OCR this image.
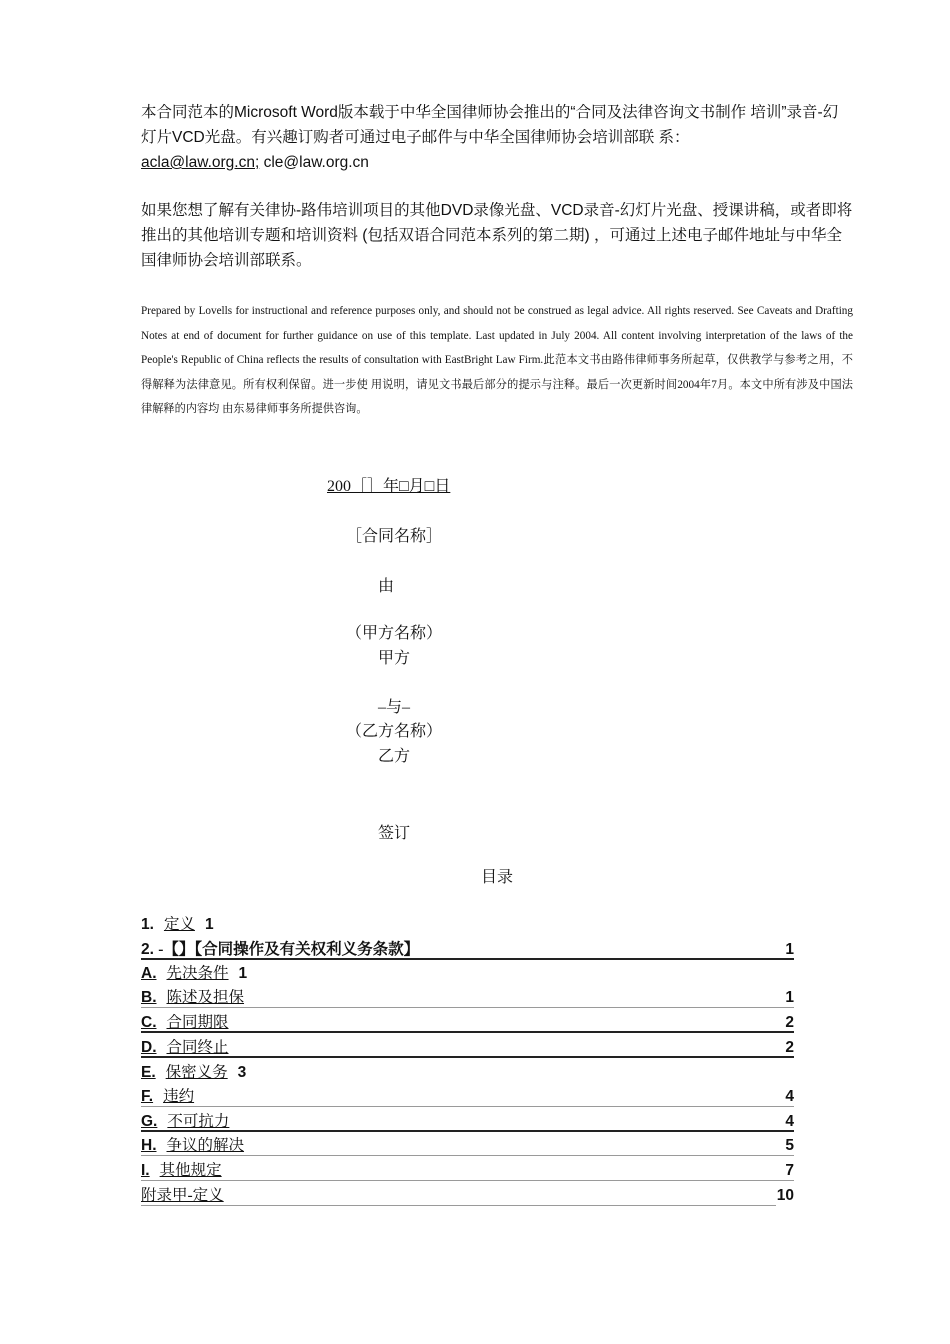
本合同范本的Microsoft Word版本载于中华全国律师协会推出的“合同及法律咨询文书制作 培训”录音-幻灯片VCD光盘。有兴趣订购者可通过电子邮件与中华全国律师协会培训部联 系：
acla@law.org.cn; cle@law.org.cn
如果您想了解有关律协-路伟培训项目的其他DVD录像光盘、VCD录音-幻灯片光盘、授课讲稿，或者即将推出的其他培训专题和培训资料 (包括双语合同范本系列的第二期) ，可通过上述电子邮件地址与中华全国律师协会培训部联系。
Prepared by Lovells for instructional and reference purposes only, and should not be construed as legal advice. All rights reserved. See Caveats and Drafting Notes at end of document for further guidance on use of this template. Last updated in July 2004. All content involving interpretation of the laws of the People's Republic of China reflects the results of consultation with EastBright Law Firm.此范本文书由路伟律师事务所起草，仅供教学与参考之用，不得解释为法律意见。所有权利保留。进一步使 用说明，请见文书最后部分的提示与注释。最后一次更新时间2004年7月。本文中所有涉及中国法律解释的内容均 由东易律师事务所提供咨询。
200［］年□月□日
［合同名称］
由
（甲方名称）
甲方
–与–
（乙方名称）
乙方
签订
目录
1. 定义 1
2. -【】【合同操作及有关权利义务条款】	1
A. 先决条件 1
B. 陈述及担保	1
C. 合同期限	2
D. 合同终止	2
E. 保密义务 3
F. 违约	4
G. 不可抗力	4
H. 争议的解决	5
I. 其他规定	7
附录甲-定义	10
